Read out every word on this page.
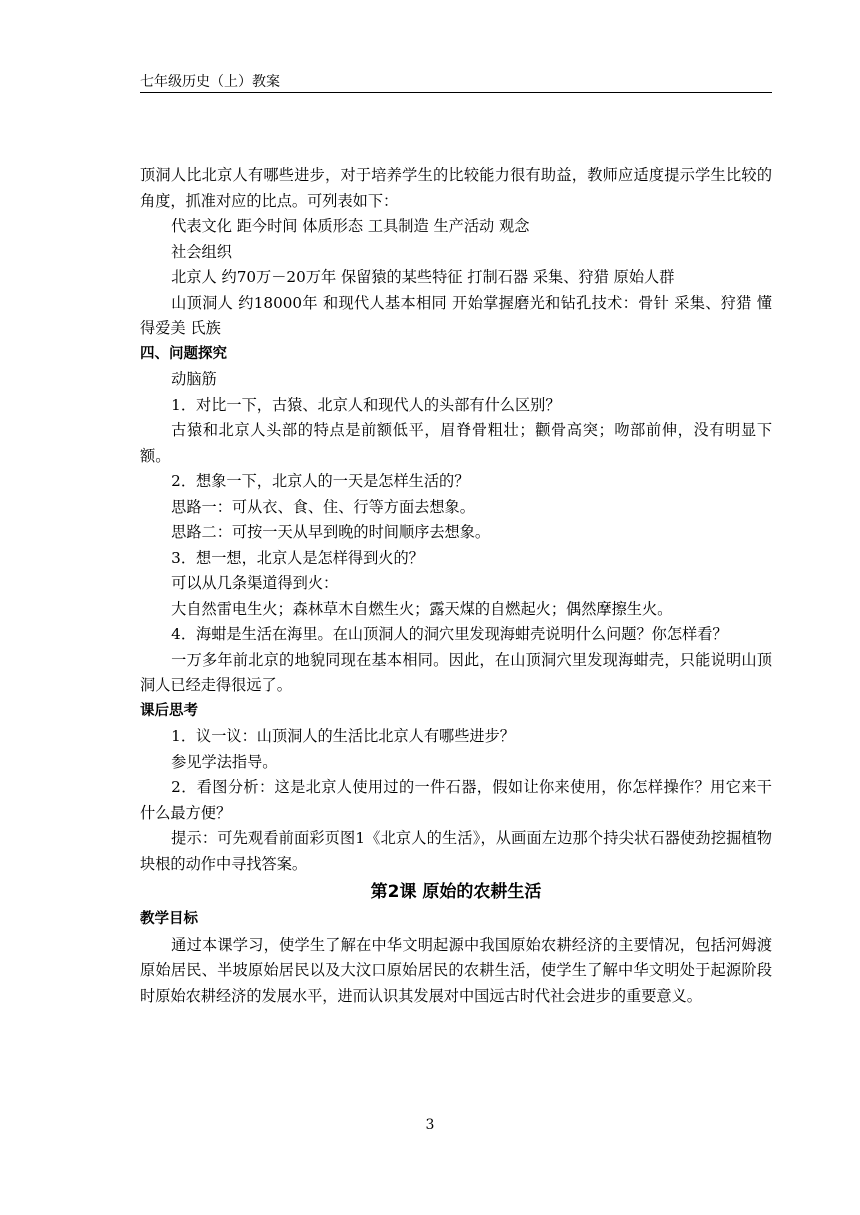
七年级历史（上）教案

顶洞人比北京人有哪些进步，对于培养学生的比较能力很有助益，教师应适度提示学生比较的角度，抓准对应的比点。可列表如下：

代表文化 距今时间 体质形态 工具制造 生产活动 观念

社会组织

北京人 约70万－20万年 保留猿的某些特征 打制石器 采集、狩猎 原始人群

山顶洞人 约18000年 和现代人基本相同 开始掌握磨光和钻孔技术：骨针 采集、狩猎 懂得爱美 氏族

四、问题探究

动脑筋

1．对比一下，古猿、北京人和现代人的头部有什么区别？

古猿和北京人头部的特点是前额低平，眉脊骨粗壮；颧骨高突；吻部前伸，没有明显下额。

2．想象一下，北京人的一天是怎样生活的？

思路一：可从衣、食、住、行等方面去想象。

思路二：可按一天从早到晚的时间顺序去想象。

3．想一想，北京人是怎样得到火的？

可以从几条渠道得到火：

大自然雷电生火；森林草木自燃生火；露天煤的自燃起火；偶然摩擦生火。

4．海蚶是生活在海里。在山顶洞人的洞穴里发现海蚶壳说明什么问题？你怎样看？

一万多年前北京的地貌同现在基本相同。因此，在山顶洞穴里发现海蚶壳，只能说明山顶洞人已经走得很远了。

课后思考

1．议一议：山顶洞人的生活比北京人有哪些进步？

参见学法指导。

2．看图分析：这是北京人使用过的一件石器，假如让你来使用，你怎样操作？用它来干什么最方便？

提示：可先观看前面彩页图1《北京人的生活》，从画面左边那个持尖状石器使劲挖掘植物块根的动作中寻找答案。

第2课 原始的农耕生活

教学目标

通过本课学习，使学生了解在中华文明起源中我国原始农耕经济的主要情况，包括河姆渡原始居民、半坡原始居民以及大汶口原始居民的农耕生活，使学生了解中华文明处于起源阶段时原始农耕经济的发展水平，进而认识其发展对中国远古时代社会进步的重要意义。

3
